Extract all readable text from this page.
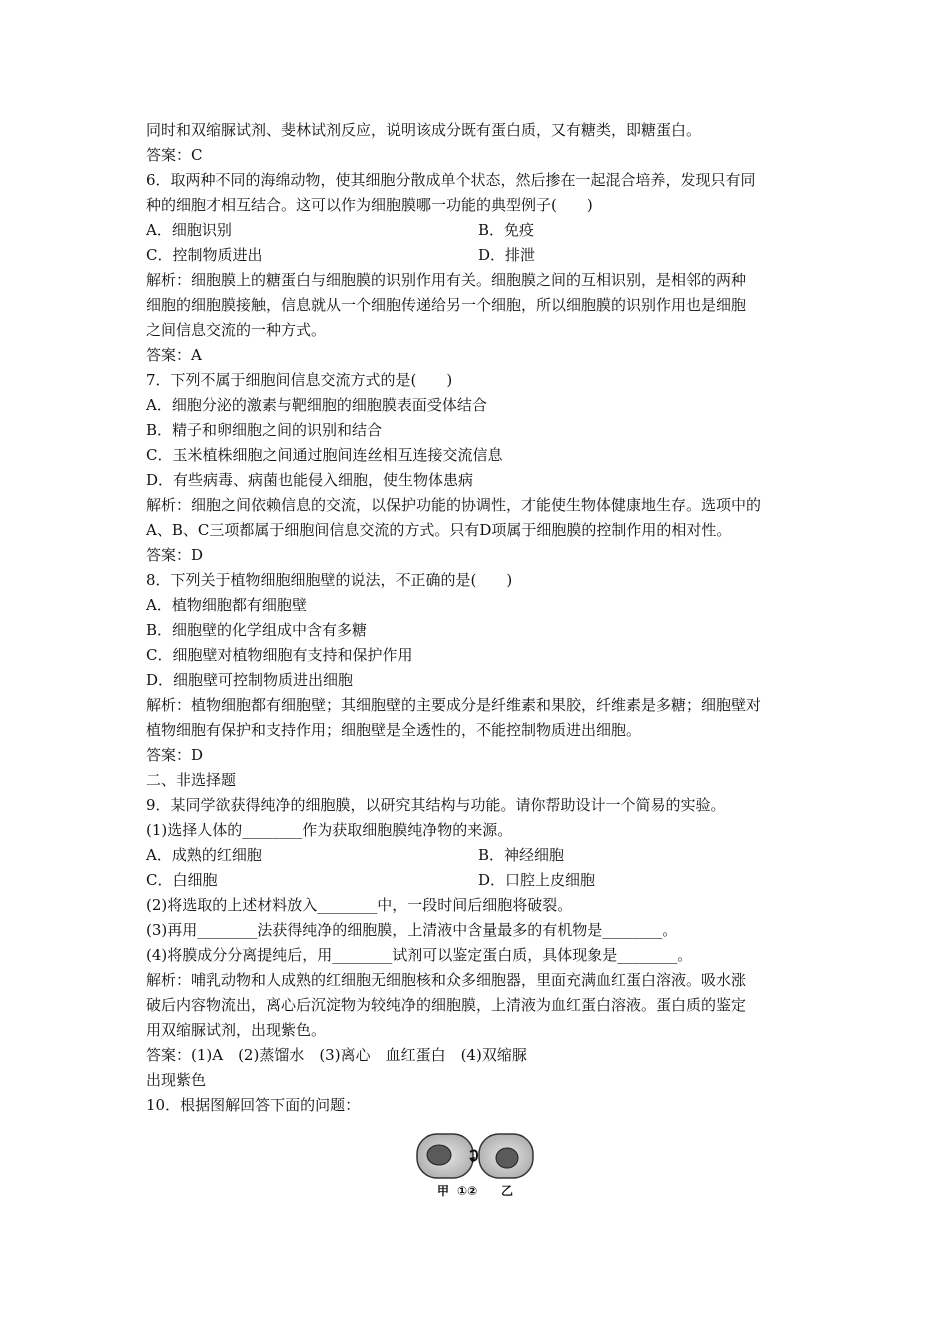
同时和双缩脲试剂、斐林试剂反应，说明该成分既有蛋白质，又有糖类，即糖蛋白。
答案：C
6．取两种不同的海绵动物，使其细胞分散成单个状态，然后掺在一起混合培养，发现只有同
种的细胞才相互结合。这可以作为细胞膜哪一功能的典型例子(　　)
A．细胞识别	B．免疫
C．控制物质进出	D．排泄
解析：细胞膜上的糖蛋白与细胞膜的识别作用有关。细胞膜之间的互相识别，是相邻的两种
细胞的细胞膜接触，信息就从一个细胞传递给另一个细胞，所以细胞膜的识别作用也是细胞
之间信息交流的一种方式。
答案：A
7．下列不属于细胞间信息交流方式的是(　　)
A．细胞分泌的激素与靶细胞的细胞膜表面受体结合
B．精子和卵细胞之间的识别和结合
C．玉米植株细胞之间通过胞间连丝相互连接交流信息
D．有些病毒、病菌也能侵入细胞，使生物体患病
解析：细胞之间依赖信息的交流，以保护功能的协调性，才能使生物体健康地生存。选项中的
A、B、C三项都属于细胞间信息交流的方式。只有D项属于细胞膜的控制作用的相对性。
答案：D
8．下列关于植物细胞细胞壁的说法，不正确的是(　　)
A．植物细胞都有细胞壁
B．细胞壁的化学组成中含有多糖
C．细胞壁对植物细胞有支持和保护作用
D．细胞壁可控制物质进出细胞
解析：植物细胞都有细胞壁；其细胞壁的主要成分是纤维素和果胶，纤维素是多糖；细胞壁对
植物细胞有保护和支持作用；细胞壁是全透性的，不能控制物质进出细胞。
答案：D
二、非选择题
9．某同学欲获得纯净的细胞膜，以研究其结构与功能。请你帮助设计一个简易的实验。
(1)选择人体的________作为获取细胞膜纯净物的来源。
A．成熟的红细胞	B．神经细胞
C．白细胞	D．口腔上皮细胞
(2)将选取的上述材料放入________中，一段时间后细胞将破裂。
(3)再用________法获得纯净的细胞膜，上清液中含量最多的有机物是________。
(4)将膜成分分离提纯后，用________试剂可以鉴定蛋白质，具体现象是________。
解析：哺乳动物和人成熟的红细胞无细胞核和众多细胞器，里面充满血红蛋白溶液。吸水涨
破后内容物流出，离心后沉淀物为较纯净的细胞膜，上清液为血红蛋白溶液。蛋白质的鉴定
用双缩脲试剂，出现紫色。
答案：(1)A　(2)蒸馏水　(3)离心　血红蛋白　(4)双缩脲
出现紫色
10．根据图解回答下面的问题：
甲 ①② 乙
